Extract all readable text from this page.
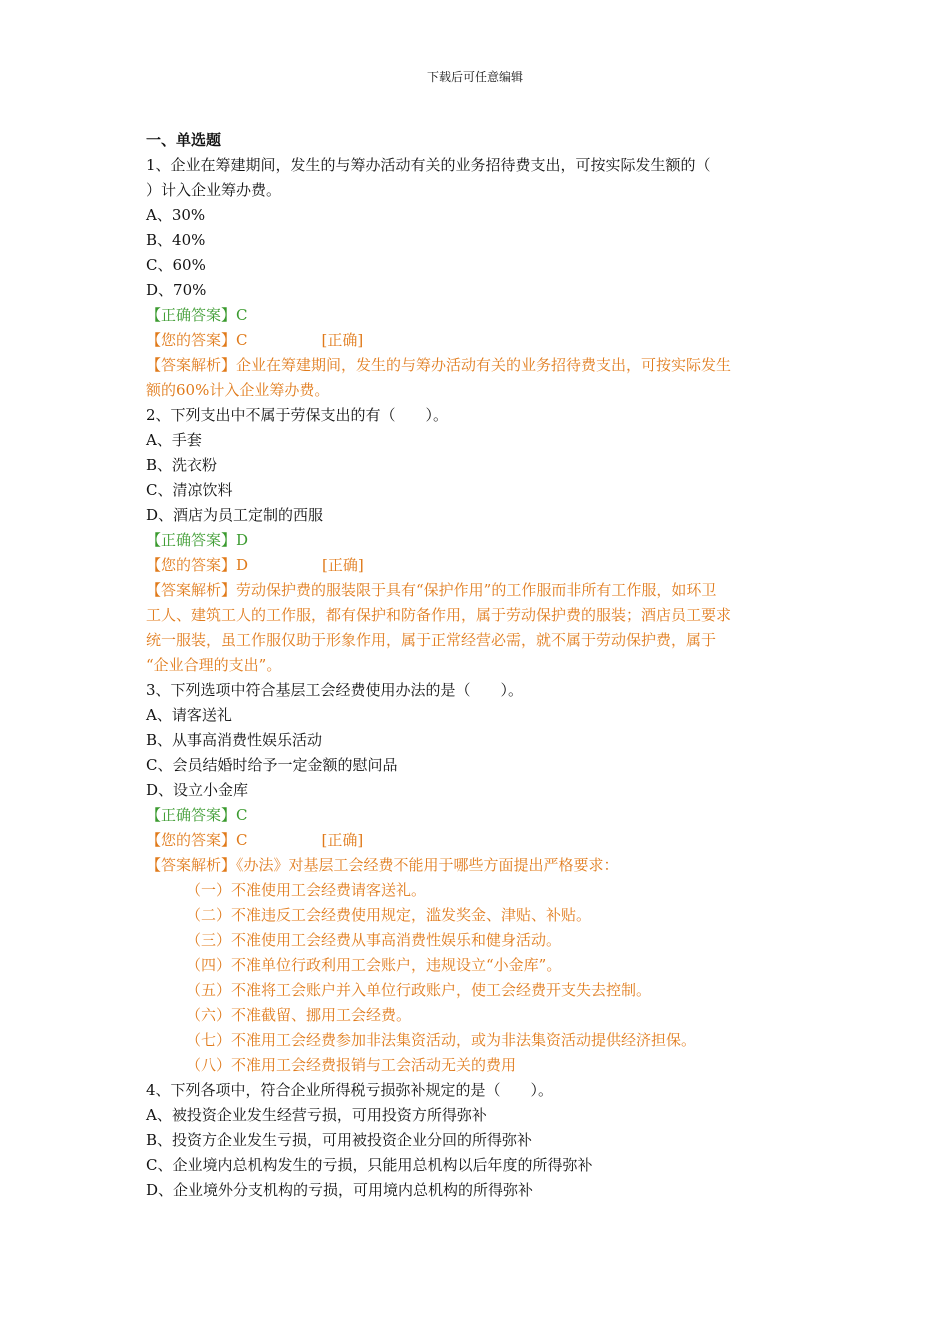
下载后可任意编辑
一、单选题
1、企业在筹建期间，发生的与筹办活动有关的业务招待费支出，可按实际发生额的（
）计入企业筹办费。
A、30%
B、40%
C、60%
D、70%
【正确答案】C
【您的答案】C	[正确]
【答案解析】企业在筹建期间，发生的与筹办活动有关的业务招待费支出，可按实际发生
额的60%计入企业筹办费。
2、下列支出中不属于劳保支出的有（　　）。
A、手套
B、洗衣粉
C、清凉饮料
D、酒店为员工定制的西服
【正确答案】D
【您的答案】D	[正确]
【答案解析】劳动保护费的服装限于具有“保护作用”的工作服而非所有工作服，如环卫
工人、建筑工人的工作服，都有保护和防备作用，属于劳动保护费的服装；酒店员工要求
统一服装，虽工作服仅助于形象作用，属于正常经营必需，就不属于劳动保护费，属于
“企业合理的支出”。
3、下列选项中符合基层工会经费使用办法的是（　　）。
A、请客送礼
B、从事高消费性娱乐活动
C、会员结婚时给予一定金额的慰问品
D、设立小金库
【正确答案】C
【您的答案】C	[正确]
【答案解析】《办法》对基层工会经费不能用于哪些方面提出严格要求：
（一）不准使用工会经费请客送礼。
（二）不准违反工会经费使用规定，滥发奖金、津贴、补贴。
（三）不准使用工会经费从事高消费性娱乐和健身活动。
（四）不准单位行政利用工会账户，违规设立“小金库”。
（五）不准将工会账户并入单位行政账户，使工会经费开支失去控制。
（六）不准截留、挪用工会经费。
（七）不准用工会经费参加非法集资活动，或为非法集资活动提供经济担保。
（八）不准用工会经费报销与工会活动无关的费用
4、下列各项中，符合企业所得税亏损弥补规定的是（　　）。
A、被投资企业发生经营亏损，可用投资方所得弥补
B、投资方企业发生亏损，可用被投资企业分回的所得弥补
C、企业境内总机构发生的亏损，只能用总机构以后年度的所得弥补
D、企业境外分支机构的亏损，可用境内总机构的所得弥补
